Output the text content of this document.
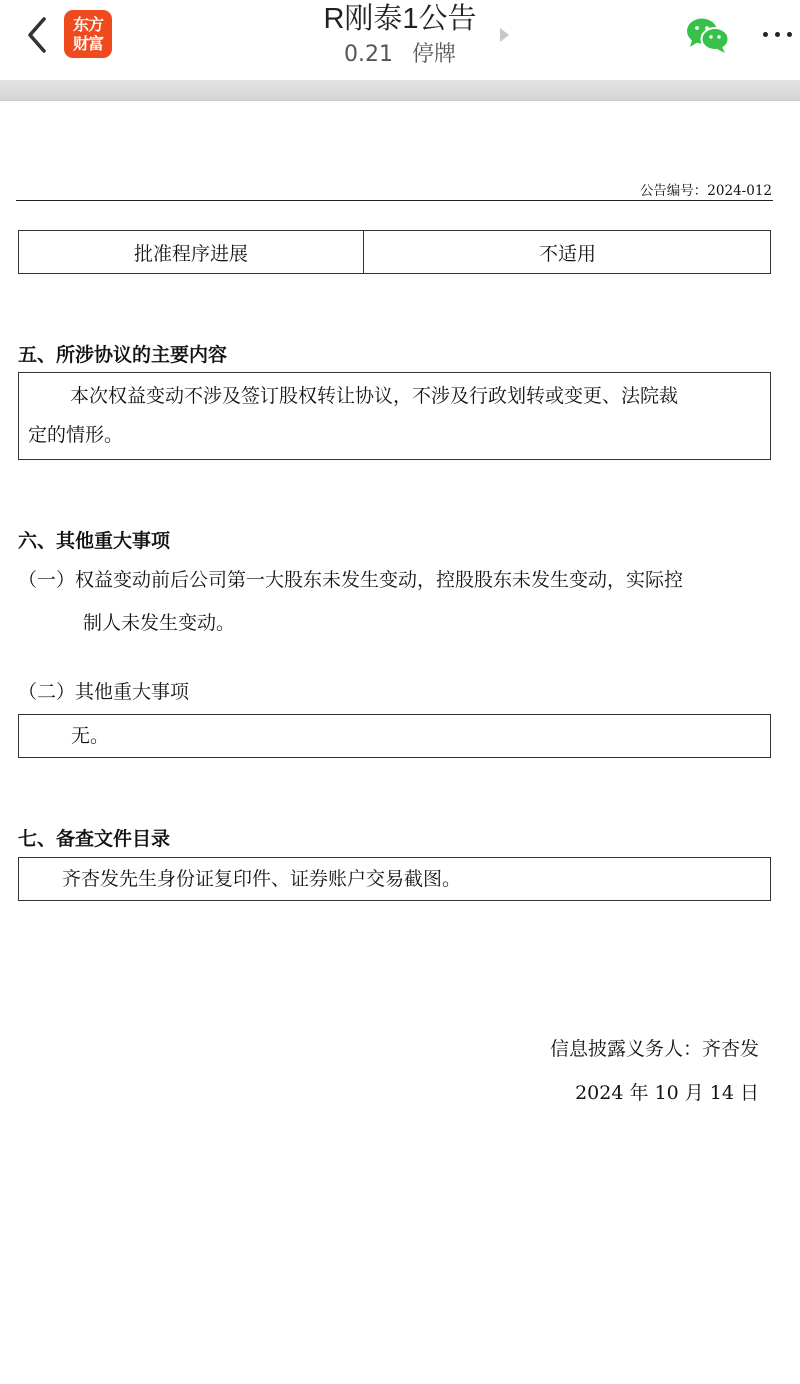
东方
财富
R刚泰1公告
0.21 停牌
公告编号：2024-012
批准程序进展	不适用
五、所涉协议的主要内容
本次权益变动不涉及签订股权转让协议，不涉及行政划转或变更、法院裁
定的情形。
六、其他重大事项
（一）权益变动前后公司第一大股东未发生变动，控股股东未发生变动，实际控
制人未发生变动。
（二）其他重大事项
无。
七、备查文件目录
齐杏发先生身份证复印件、证券账户交易截图。
信息披露义务人：齐杏发
2024 年 10 月 14 日
